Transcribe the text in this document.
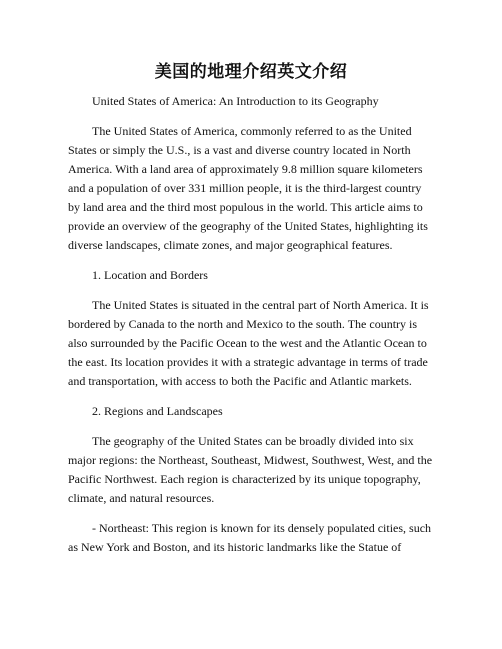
美国的地理介绍英文介绍

United States of America: An Introduction to its Geography

The United States of America, commonly referred to as the United States or simply the U.S., is a vast and diverse country located in North America. With a land area of approximately 9.8 million square kilometers and a population of over 331 million people, it is the third-largest country by land area and the third most populous in the world. This article aims to provide an overview of the geography of the United States, highlighting its diverse landscapes, climate zones, and major geographical features.

1. Location and Borders

The United States is situated in the central part of North America. It is bordered by Canada to the north and Mexico to the south. The country is also surrounded by the Pacific Ocean to the west and the Atlantic Ocean to the east. Its location provides it with a strategic advantage in terms of trade and transportation, with access to both the Pacific and Atlantic markets.

2. Regions and Landscapes

The geography of the United States can be broadly divided into six major regions: the Northeast, Southeast, Midwest, Southwest, West, and the Pacific Northwest. Each region is characterized by its unique topography, climate, and natural resources.

- Northeast: This region is known for its densely populated cities, such as New York and Boston, and its historic landmarks like the Statue of
